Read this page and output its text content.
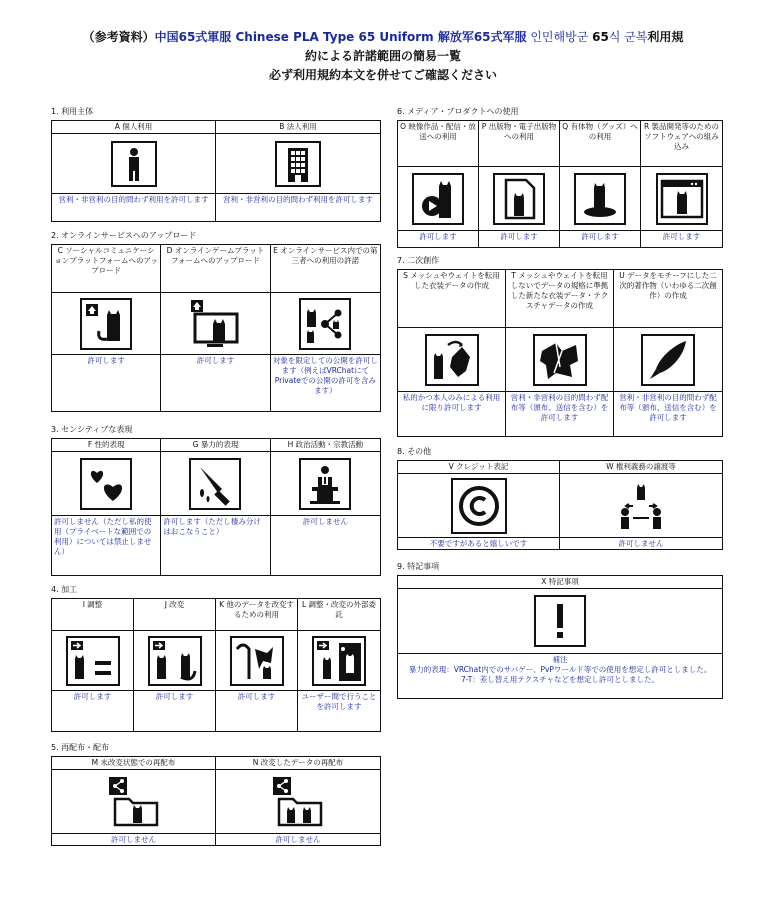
（参考資料）中国65式軍服 Chinese PLA Type 65 Uniform 解放军65式军服 인민해방군 65식 군복利用規
約による許諾範囲の簡易一覧
必ず利用規約本文を併せてご確認ください
1. 利用主体
A 個人利用
営利・非営利の目的問わず利用を許可します
B 法人利用
営利・非営利の目的問わず利用を許可します
2. オンラインサービスへのアップロード
C ソーシャルコミュニケーションプラットフォームへのアップロード
許可します
D オンラインゲームプラットフォームへのアップロード
許可します
E オンラインサービス内での第三者への利用の許諾
対象を限定しての公開を許可します（例えばVRChatにてPrivateでの公開の許可を含みます）
3. センシティブな表現
F 性的表現
許可しません（ただし私的使用（プライベートな範囲での利用）については禁止しません）
G 暴力的表現
許可します（ただし棲み分けはおこなうこと）
H 政治活動・宗教活動
許可しません
4. 加工
I 調整
許可します
J 改変
許可します
K 他のデータを改変するための利用
許可します
L 調整・改変の外部委託
ユーザー間で行うことを許可します
5. 再配布・配布
M 未改変状態での再配布
許可しません
N 改変したデータの再配布
許可しません
6. メディア・プロダクトへの使用
O 映像作品・配信・放送への利用
許可します
P 出版物・電子出版物への利用
許可します
Q 有体物（グッズ）への利用
許可します
R 製品開発等のためのソフトウェアへの組み込み
許可します
7. 二次創作
S メッシュやウェイトを転用した衣装データの作成
私的かつ本人のみによる利用に限り許可します
T メッシュやウェイトを転用しないでデータの規格に準拠した新たな衣装データ・テクスチャデータの作成
営利・非営利の目的問わず配布等（頒布、送信を含む）を許可します
U データをモチーフにした二次的著作物（いわゆる二次創作）の作成
営利・非営利の目的問わず配布等（頒布、送信を含む）を許可します
8. その他
V クレジット表記
不要ですがあると嬉しいです
W 権利義務の譲渡等
許可しません
9. 特記事項
X 特記事項
補注
暴力的表現：VRChat内でのサバゲー、PvPワールド等での使用を想定し許可としました。
7-T：差し替え用テクスチャなどを想定し許可としました。
